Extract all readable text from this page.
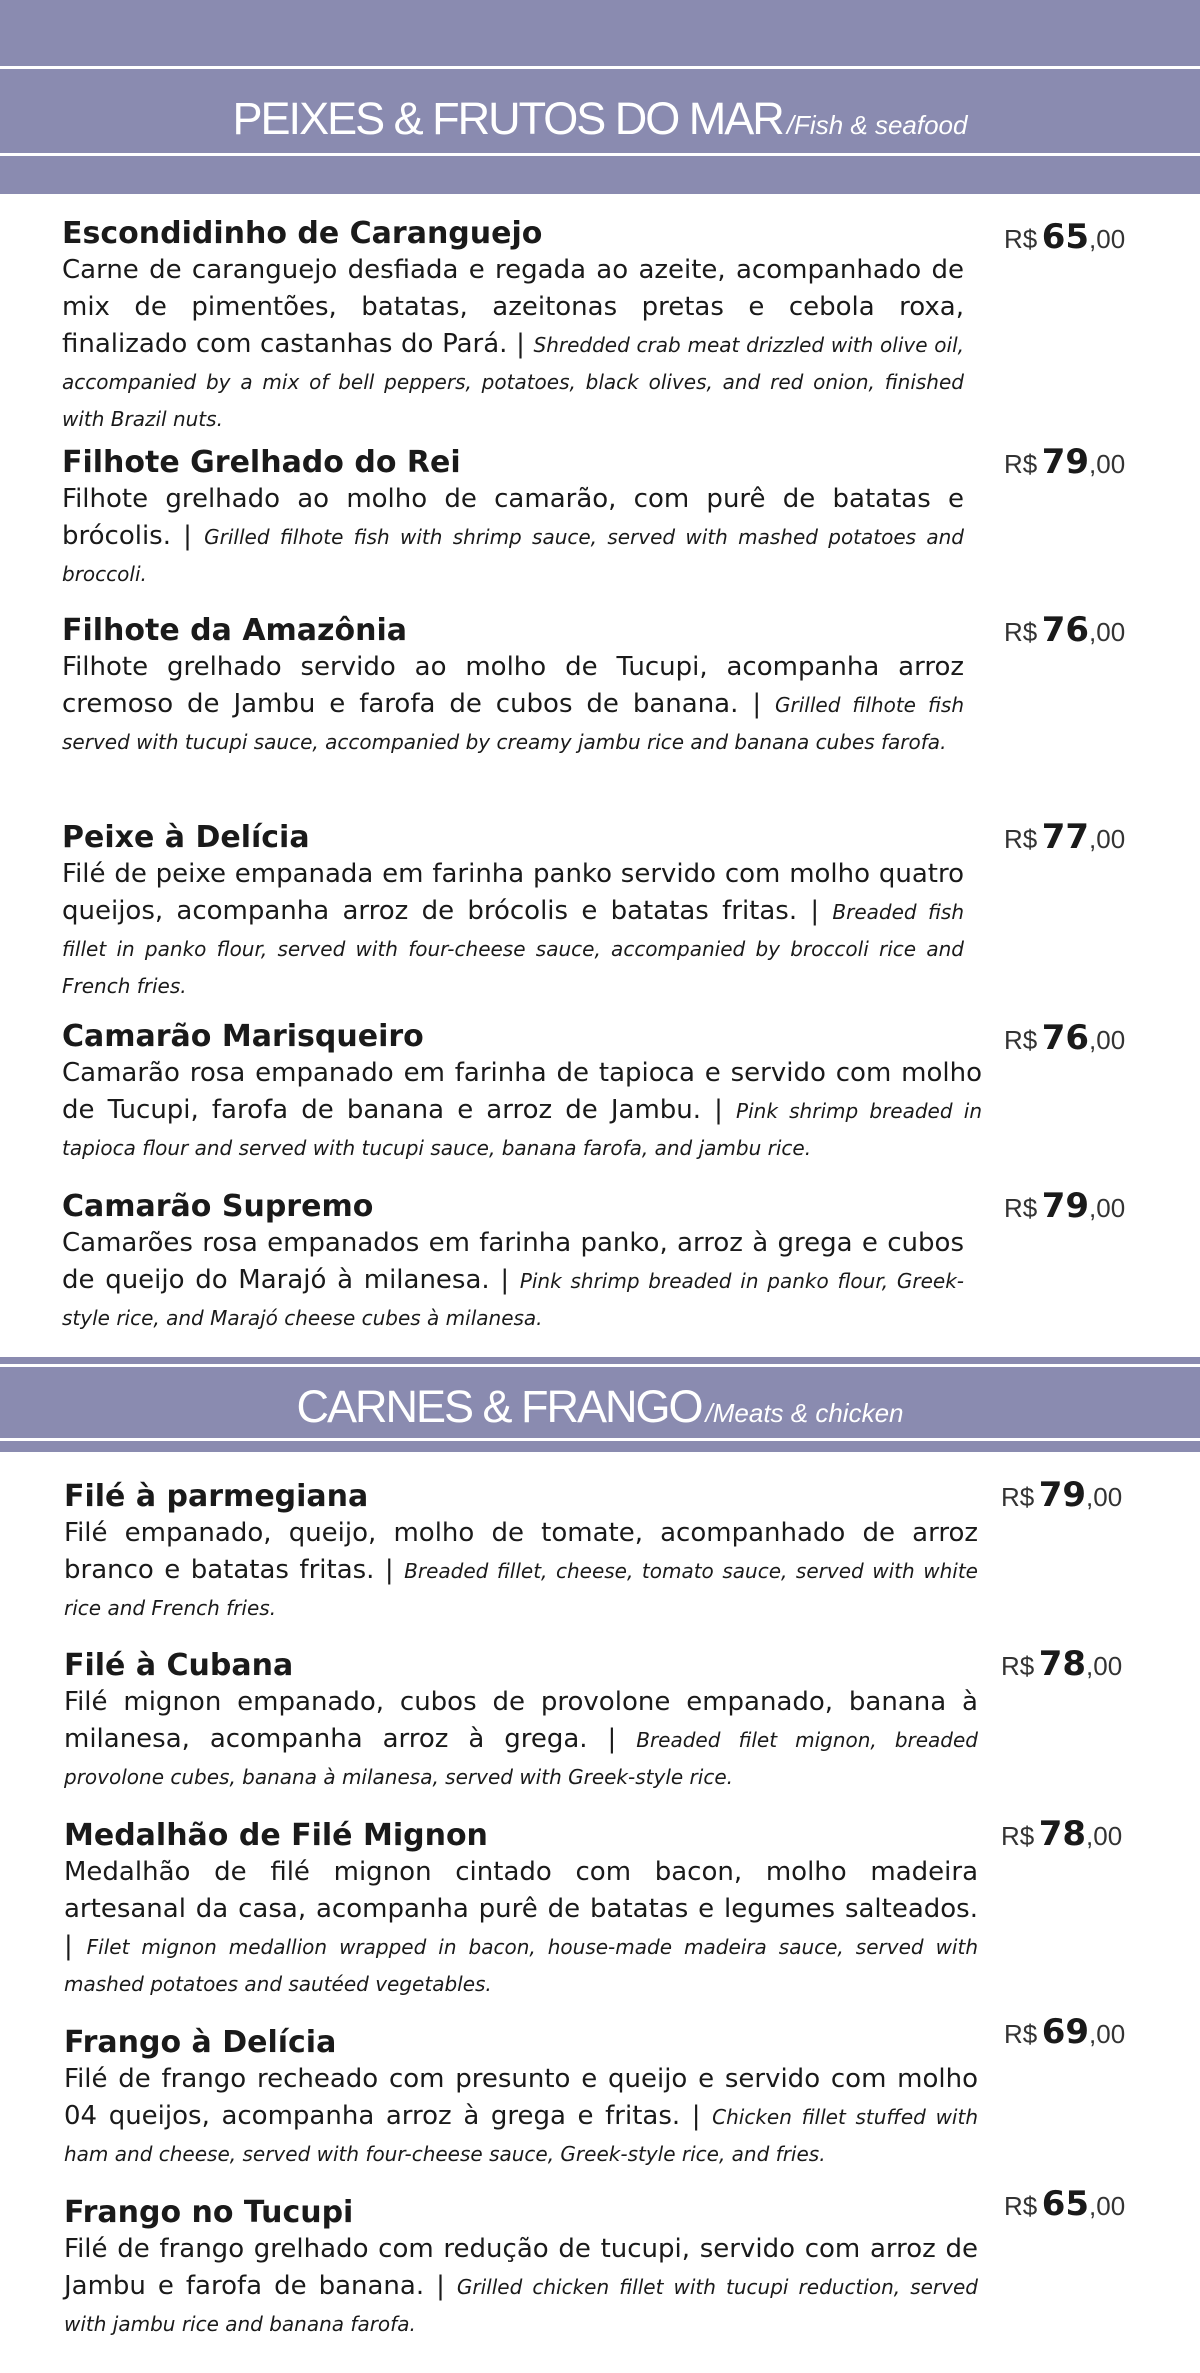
PEIXES & FRUTOS DO MAR /Fish & seafood

Escondidinho de Caranguejo

Carne de caranguejo desfiada e regada ao azeite, acompanhado de mix de pimentões, batatas, azeitonas pretas e cebola roxa, finalizado com castanhas do Pará. | Shredded crab meat drizzled with olive oil, accompanied by a mix of bell peppers, potatoes, black olives, and red onion, finished with Brazil nuts.

R$ 65,00

Filhote Grelhado do Rei

Filhote grelhado ao molho de camarão, com purê de batatas e brócolis. | Grilled filhote fish with shrimp sauce, served with mashed potatoes and broccoli.

R$ 79,00

Filhote da Amazônia

Filhote grelhado servido ao molho de Tucupi, acompanha arroz cremoso de Jambu e farofa de cubos de banana. | Grilled filhote fish served with tucupi sauce, accompanied by creamy jambu rice and banana cubes farofa.

R$ 76,00

Peixe à Delícia

Filé de peixe empanada em farinha panko servido com molho quatro queijos, acompanha arroz de brócolis e batatas fritas. | Breaded fish fillet in panko flour, served with four-cheese sauce, accompanied by broccoli rice and French fries.

R$ 77,00

Camarão Marisqueiro

Camarão rosa empanado em farinha de tapioca e servido com molho de Tucupi, farofa de banana e arroz de Jambu. | Pink shrimp breaded in tapioca flour and served with tucupi sauce, banana farofa, and jambu rice.

R$ 76,00

Camarão Supremo

Camarões rosa empanados em farinha panko, arroz à grega e cubos de queijo do Marajó à milanesa. | Pink shrimp breaded in panko flour, Greek-style rice, and Marajó cheese cubes à milanesa.

R$ 79,00
CARNES & FRANGO /Meats & chicken

Filé à parmegiana

Filé empanado, queijo, molho de tomate, acompanhado de arroz branco e batatas fritas. | Breaded fillet, cheese, tomato sauce, served with white rice and French fries.

R$ 79,00

Filé à Cubana

Filé mignon empanado, cubos de provolone empanado, banana à milanesa, acompanha arroz à grega. | Breaded filet mignon, breaded provolone cubes, banana à milanesa, served with Greek-style rice.

R$ 78,00

Medalhão de Filé Mignon

Medalhão de filé mignon cintado com bacon, molho madeira artesanal da casa, acompanha purê de batatas e legumes salteados. | Filet mignon medallion wrapped in bacon, house-made madeira sauce, served with mashed potatoes and sautéed vegetables.

R$ 78,00

Frango à Delícia

Filé de frango recheado com presunto e queijo e servido com molho 04 queijos, acompanha arroz à grega e fritas. | Chicken fillet stuffed with ham and cheese, served with four-cheese sauce, Greek-style rice, and fries.

R$ 69,00

Frango no Tucupi

Filé de frango grelhado com redução de tucupi, servido com arroz de Jambu e farofa de banana. | Grilled chicken fillet with tucupi reduction, served with jambu rice and banana farofa.

R$ 65,00
